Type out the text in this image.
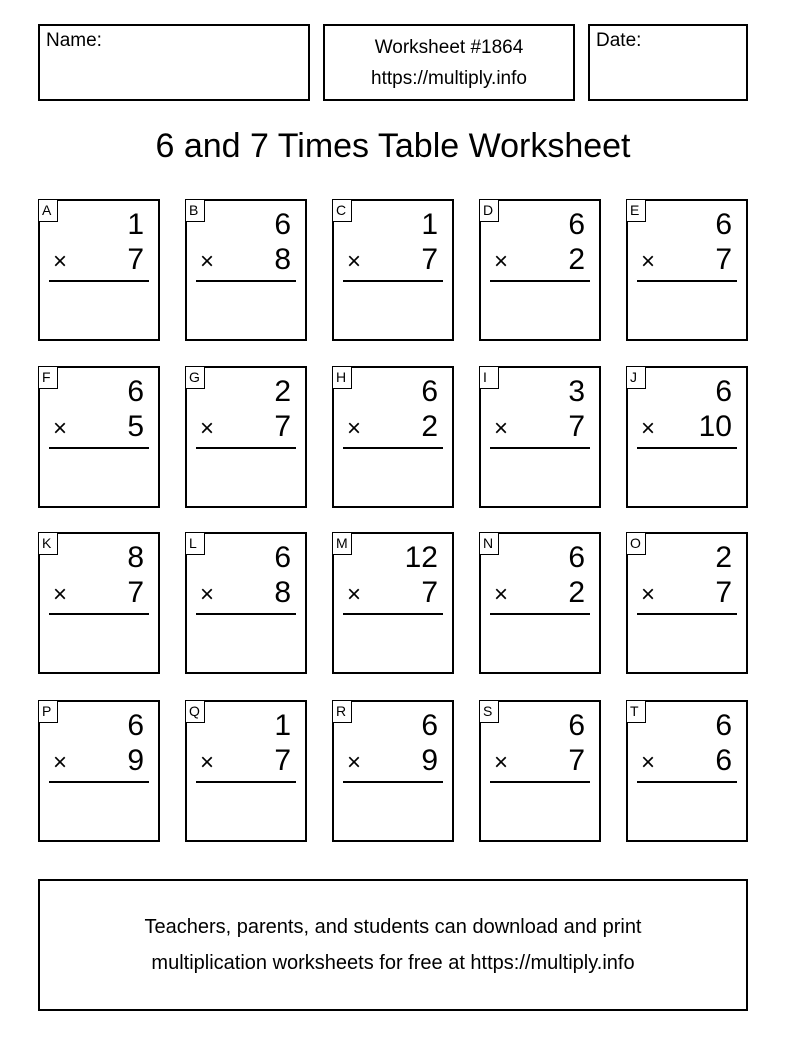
Name:	Worksheet #1864
https://multiply.info
Date:
6 and 7 Times Table Worksheet
A	1
× 7
B	6
× 8
C	1
× 7
D	6
× 2
E	6
× 7
F	6
× 5
G 2
× 7
H	6
× 2
I	3
× 7
J	6
× 10
K	8
× 7
L	6
× 8
M 12
× 7
N	6
× 2
O 2
× 7
P	6
× 9
Q 1
× 7
R	6
× 9
S	6
× 7
T	6
× 6
Teachers, parents, and students can download and print
multiplication worksheets for free at https://multiply.info
